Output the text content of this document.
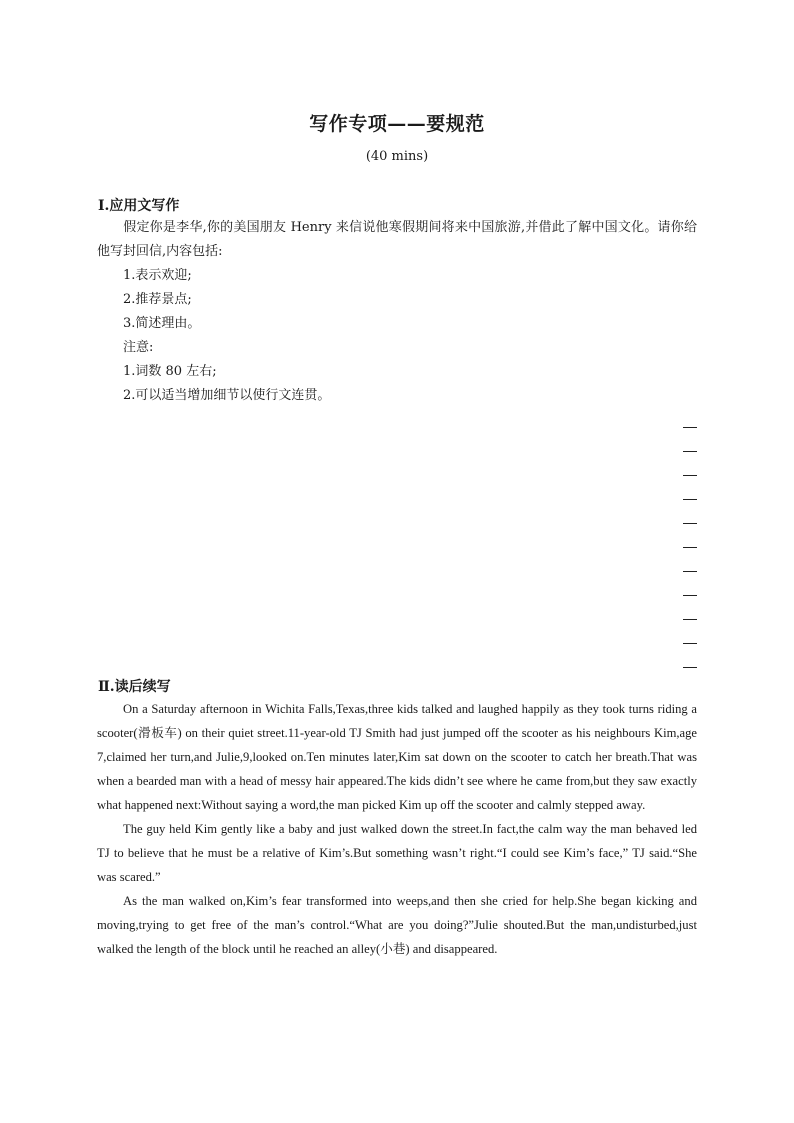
写作专项——要规范
(40 mins)
Ⅰ.应用文写作
假定你是李华,你的美国朋友 Henry 来信说他寒假期间将来中国旅游,并借此了解中国文化。请你给他写封回信,内容包括:
1.表示欢迎;
2.推荐景点;
3.简述理由。
注意:
1.词数 80 左右;
2.可以适当增加细节以使行文连贯。
Ⅱ.读后续写

On a Saturday afternoon in Wichita Falls,Texas,three kids talked and laughed happily as they took turns riding a scooter(滑板车) on their quiet street.11-year-old TJ Smith had just jumped off the scooter as his neighbours Kim,age 7,claimed her turn,and Julie,9,looked on.Ten minutes later,Kim sat down on the scooter to catch her breath.That was when a bearded man with a head of messy hair appeared.The kids didn’t see where he came from,but they saw exactly what happened next:Without saying a word,the man picked Kim up off the scooter and calmly stepped away.

The guy held Kim gently like a baby and just walked down the street.In fact,the calm way the man behaved led TJ to believe that he must be a relative of Kim’s.But something wasn’t right.“I could see Kim’s face,” TJ said.“She was scared.”

As the man walked on,Kim’s fear transformed into weeps,and then she cried for help.She began kicking and moving,trying to get free of the man’s control.“What are you doing?”Julie shouted.But the man,undisturbed,just walked the length of the block until he reached an alley(小巷) and disappeared.
